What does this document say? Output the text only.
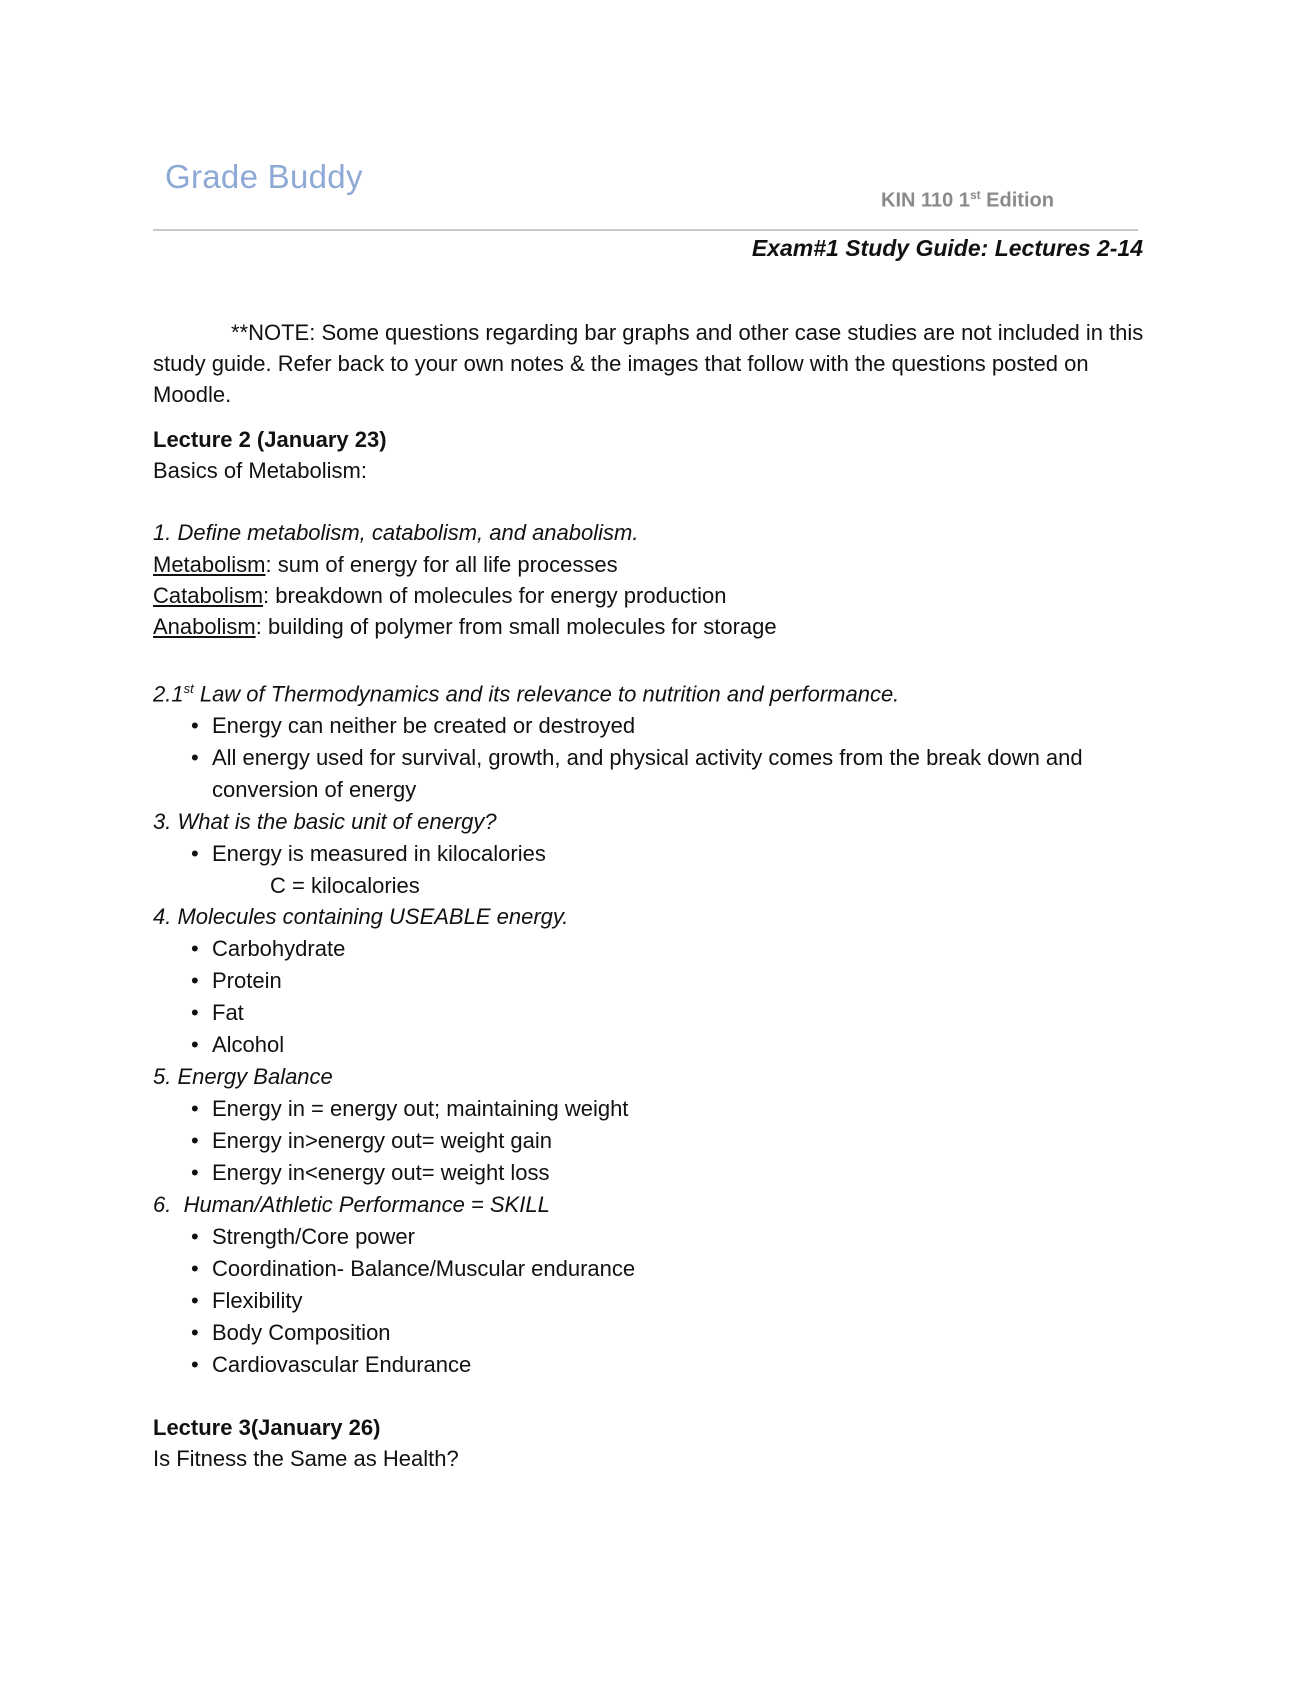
Grade Buddy
KIN 110 1st Edition
Exam#1 Study Guide: Lectures 2-14

**NOTE: Some questions regarding bar graphs and other case studies are not included in this study guide. Refer back to your own notes & the images that follow with the questions posted on Moodle.

Lecture 2 (January 23)

Basics of Metabolism:

1. Define metabolism, catabolism, and anabolism.

Metabolism: sum of energy for all life processes

Catabolism: breakdown of molecules for energy production

Anabolism: building of polymer from small molecules for storage

2.1st Law of Thermodynamics and its relevance to nutrition and performance.

• Energy can neither be created or destroyed
• All energy used for survival, growth, and physical activity comes from the break down and conversion of energy

3. What is the basic unit of energy?

• Energy is measured in kilocalories

C = kilocalories

4. Molecules containing USEABLE energy.

• Carbohydrate
• Protein
• Fat
• Alcohol

5. Energy Balance

• Energy in = energy out; maintaining weight
• Energy in>energy out= weight gain
• Energy in<energy out= weight loss

6.  Human/Athletic Performance = SKILL

• Strength/Core power
• Coordination- Balance/Muscular endurance
• Flexibility
• Body Composition
• Cardiovascular Endurance

Lecture 3(January 26)

Is Fitness the Same as Health?
